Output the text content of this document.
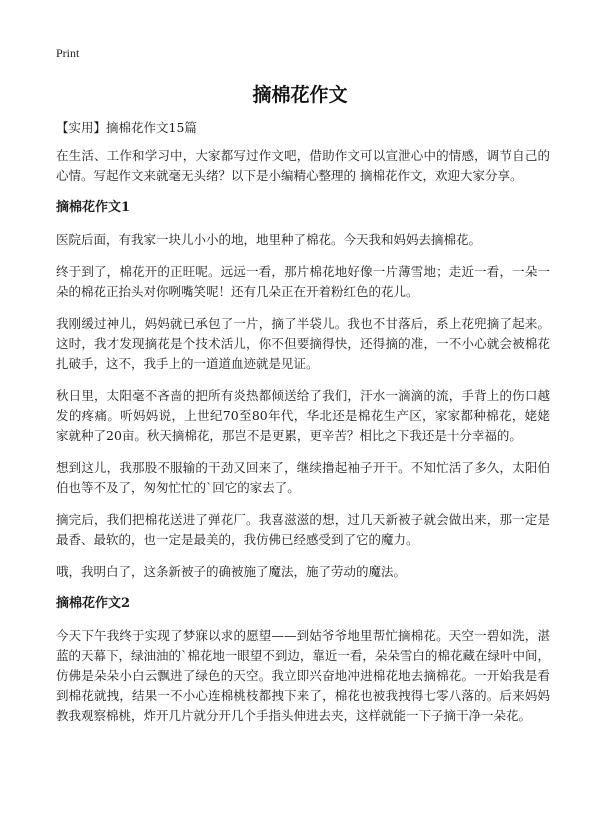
Print
摘棉花作文
【实用】摘棉花作文15篇

在生活、工作和学习中，大家都写过作文吧，借助作文可以宣泄心中的情感，调节自己的心情。写起作文来就毫无头绪？以下是小编精心整理的 摘棉花作文，欢迎大家分享。

摘棉花作文1

医院后面，有我家一块儿小小的地，地里种了棉花。今天我和妈妈去摘棉花。

终于到了，棉花开的正旺呢。远远一看，那片棉花地好像一片薄雪地；走近一看，一朵一朵的棉花正抬头对你咧嘴笑呢！还有几朵正在开着粉红色的花儿。

我刚缓过神儿，妈妈就已承包了一片，摘了半袋儿。我也不甘落后，系上花兜摘了起来。这时，我才发现摘花是个技术活儿，你不但要摘得快，还得摘的准，一不小心就会被棉花扎破手，这不，我手上的一道道血迹就是见证。

秋日里，太阳毫不吝啬的把所有炎热都倾送给了我们，汗水一滴滴的流，手背上的伤口越发的疼痛。听妈妈说，上世纪70至80年代，华北还是棉花生产区，家家都种棉花，姥姥家就种了20亩。秋天摘棉花，那岂不是更累，更辛苦？相比之下我还是十分幸福的。

想到这儿，我那股不服输的干劲又回来了，继续撸起袖子开干。不知忙活了多久，太阳伯伯也等不及了，匆匆忙忙的`回它的家去了。

摘完后，我们把棉花送进了弹花厂。我喜滋滋的想，过几天新被子就会做出来，那一定是最香、最软的，也一定是最美的，我仿佛已经感受到了它的魔力。

哦，我明白了，这条新被子的确被施了魔法，施了劳动的魔法。

摘棉花作文2

今天下午我终于实现了梦寐以求的愿望——到姑爷爷地里帮忙摘棉花。天空一碧如洗，湛蓝的天幕下，绿油油的`棉花地一眼望不到边，靠近一看，朵朵雪白的棉花藏在绿叶中间，仿佛是朵朵小白云飘进了绿色的天空。我立即兴奋地冲进棉花地去摘棉花。一开始我是看到棉花就拽，结果一不小心连棉桃枝都拽下来了，棉花也被我拽得七零八落的。后来妈妈教我观察棉桃，炸开几片就分开几个手指头伸进去夹，这样就能一下子摘干净一朵花。
